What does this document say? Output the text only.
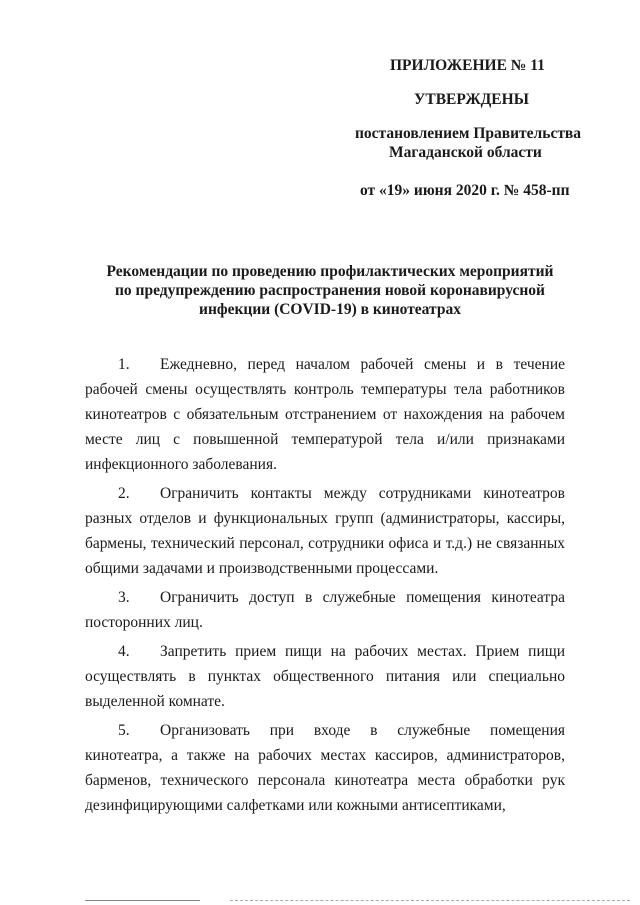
ПРИЛОЖЕНИЕ № 11
УТВЕРЖДЕНЫ
постановлением Правительства
Магаданской области
от «19» июня 2020 г. № 458-пп
Рекомендации по проведению профилактических мероприятий
по предупреждению распространения новой коронавирусной
инфекции (COVID-19) в кинотеатрах

1. Ежедневно, перед началом рабочей смены и в течение рабочей смены осуществлять контроль температуры тела работников кинотеатров с обязательным отстранением от нахождения на рабочем месте лиц с повышенной температурой тела и/или признаками инфекционного заболевания.

2. Ограничить контакты между сотрудниками кинотеатров разных отделов и функциональных групп (администраторы, кассиры, бармены, технический персонал, сотрудники офиса и т.д.) не связанных общими задачами и производственными процессами.

3. Ограничить доступ в служебные помещения кинотеатра посторонних лиц.

4. Запретить прием пищи на рабочих местах. Прием пищи осуществлять в пунктах общественного питания или специально выделенной комнате.

5. Организовать при входе в служебные помещения кинотеатра, а также на рабочих местах кассиров, администраторов, барменов, технического персонала кинотеатра места обработки рук дезинфицирующими салфетками или кожными антисептиками,
